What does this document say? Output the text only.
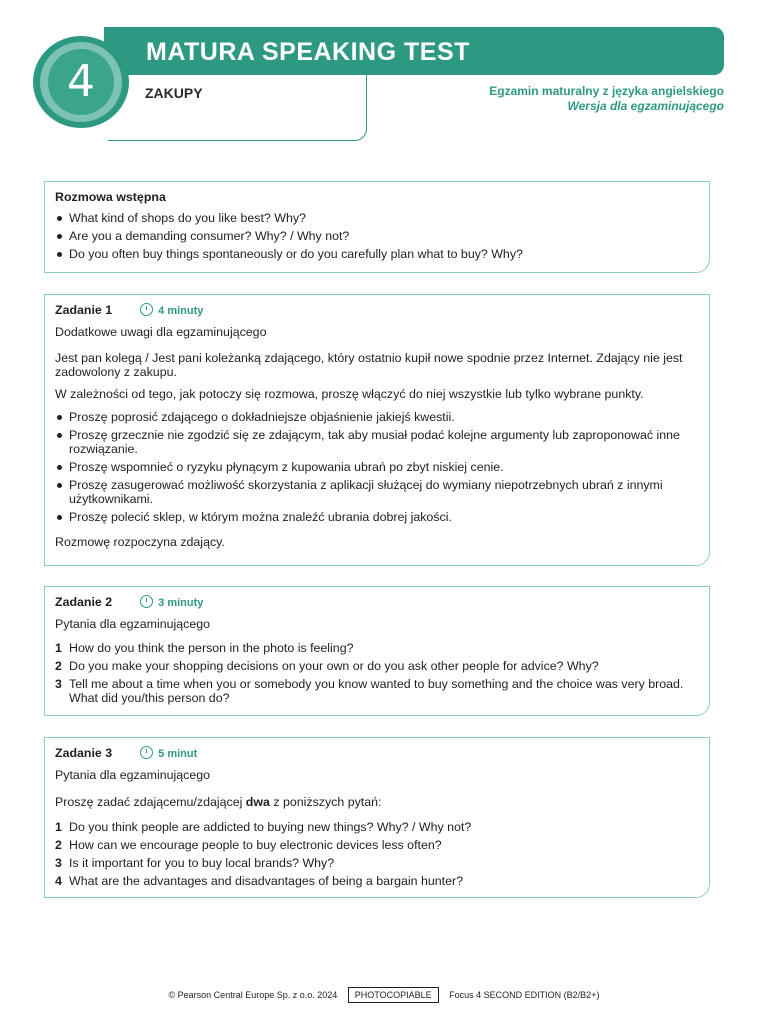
MATURA SPEAKING TEST
ZAKUPY	Egzamin maturalny z języka angielskiego
Wersja dla egzaminującego
4
Rozmowa wstępna
What kind of shops do you like best? Why?
Are you a demanding consumer? Why? / Why not?
Do you often buy things spontaneously or do you carefully plan what to buy? Why?
Zadanie 1	4 minuty
Dodatkowe uwagi dla egzaminującego

Jest pan kolegą / Jest pani koleżanką zdającego, który ostatnio kupił nowe spodnie przez Internet. Zdający nie jest zadowolony z zakupu.

W zależności od tego, jak potoczy się rozmowa, proszę włączyć do niej wszystkie lub tylko wybrane punkty.

Proszę poprosić zdającego o dokładniejsze objaśnienie jakiejś kwestii.
Proszę grzecznie nie zgodzić się ze zdającym, tak aby musiał podać kolejne argumenty lub zaproponować inne rozwiązanie.
Proszę wspomnieć o ryzyku płynącym z kupowania ubrań po zbyt niskiej cenie.
Proszę zasugerować możliwość skorzystania z aplikacji służącej do wymiany niepotrzebnych ubrań z innymi użytkownikami.
Proszę polecić sklep, w którym można znaleźć ubrania dobrej jakości.

Rozmowę rozpoczyna zdający.

Zadanie 2	3 minuty
Pytania dla egzaminującego
1 How do you think the person in the photo is feeling?
2 Do you make your shopping decisions on your own or do you ask other people for advice? Why?
3 Tell me about a time when you or somebody you know wanted to buy something and the choice was very broad. What did you/this person do?
Zadanie 3	5 minut
Pytania dla egzaminującego

Proszę zadać zdającemu/zdającej dwa z poniższych pytań:

1 Do you think people are addicted to buying new things? Why? / Why not?
2 How can we encourage people to buy electronic devices less often?
3 Is it important for you to buy local brands? Why?
4 What are the advantages and disadvantages of being a bargain hunter?
© Pearson Central Europe Sp. z o.o. 2024 PHOTOCOPIABLE Focus 4 SECOND EDITION (B2/B2+)
